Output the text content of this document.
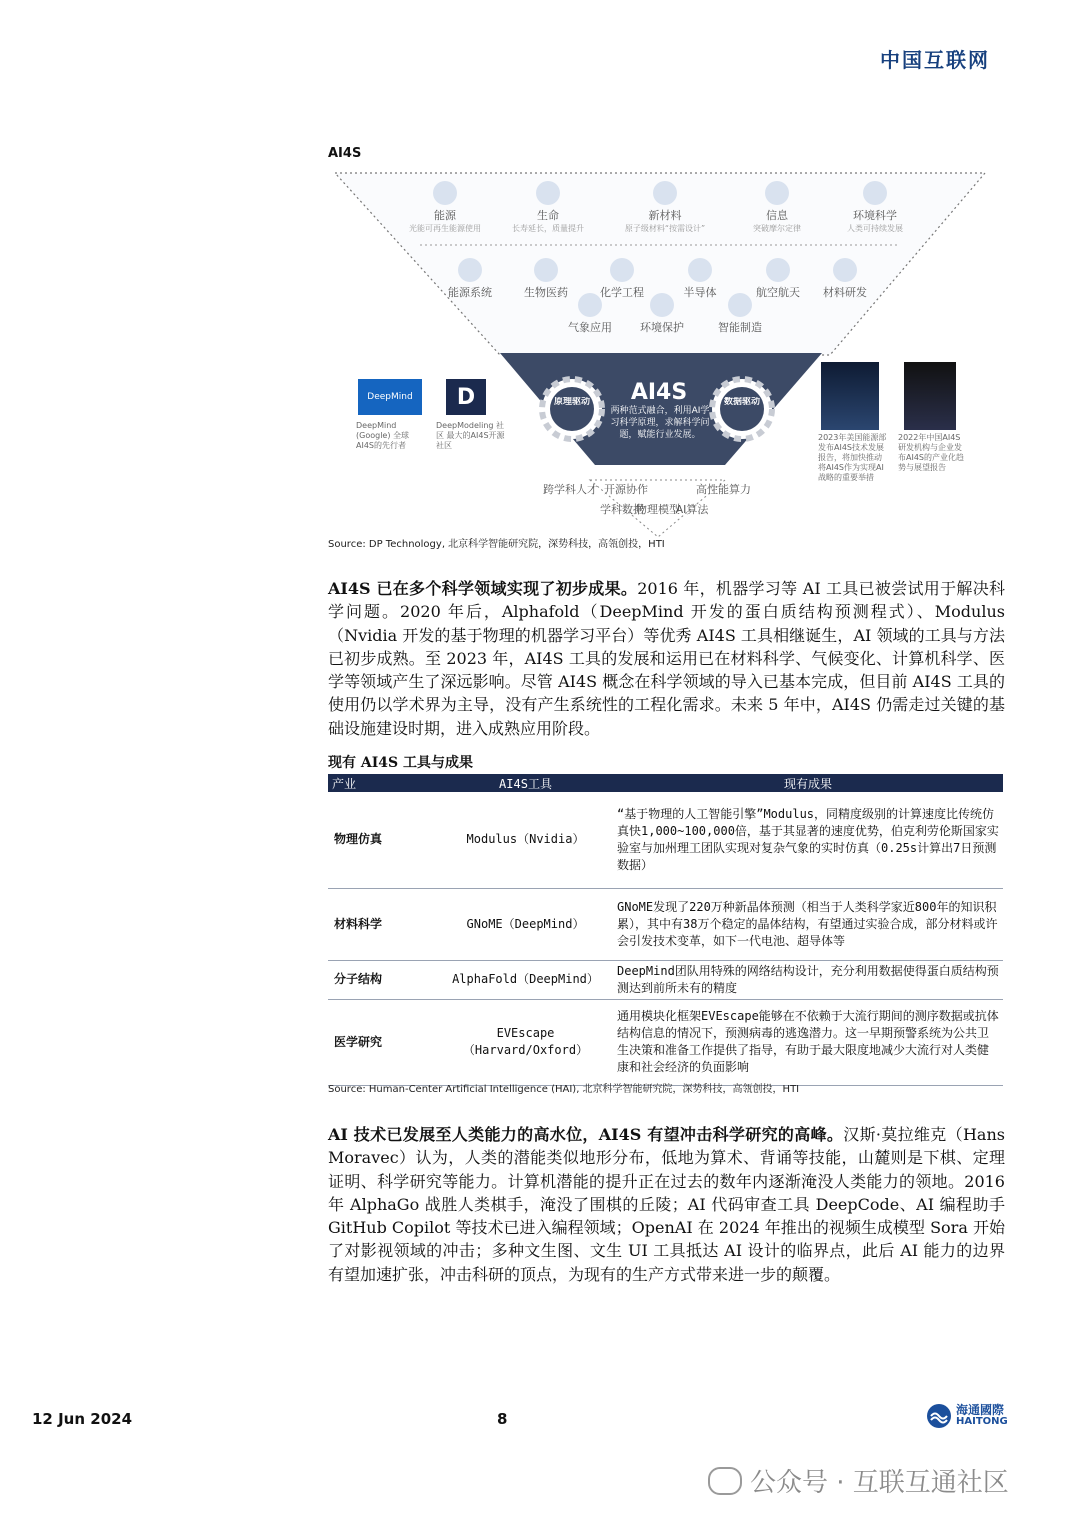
中国互联网
AI4S
能源
光能可再生能源使用
生命
长寿延长，质量提升
新材料
原子级材料“按需设计”
信息
突破摩尔定律
环境科学
人类可持续发展
能源系统	生物医药	化学工程	半导体	航空航天 材料研发
气象应用	环境保护	智能制造
AI4S
两种范式融合，利用AI学习科学原理，求解科学问题，赋能行业发展。
原理驱动	数据驱动
跨学科人才 开源协作	高性能算力
学科数据
物理模型
AI算法
DeepMind
DeepMind (Google) 全球AI4S的先行者
D
DeepModeling 社区 最大的AI4S开源社区
2023年美国能源部发布AI4S技术发展报告，将加快推动将AI4S作为实现AI战略的重要举措
2022年中国AI4S研发机构与企业发布AI4S的产业化趋势与展望报告
Source: DP Technology, 北京科学智能研究院，深势科技，高瓴创投，HTI
AI4S 已在多个科学领域实现了初步成果。2016 年，机器学习等 AI 工具已被尝试用于解决科学问题。2020 年后，Alphafold（DeepMind 开发的蛋白质结构预测程式）、Modulus（Nvidia 开发的基于物理的机器学习平台）等优秀 AI4S 工具相继诞生，AI 领域的工具与方法已初步成熟。至 2023 年，AI4S 工具的发展和运用已在材料科学、气候变化、计算机科学、医学等领域产生了深远影响。尽管 AI4S 概念在科学领域的导入已基本完成，但目前 AI4S 工具的使用仍以学术界为主导，没有产生系统性的工程化需求。未来 5 年中，AI4S 仍需走过关键的基础设施建设时期，进入成熟应用阶段。
现有 AI4S 工具与成果
产业	AI4S工具	现有成果
物理仿真	Modulus（Nvidia）	“基于物理的人工智能引擎”Modulus，同精度级别的计算速度比传统仿真快1,000~100,000倍，基于其显著的速度优势，伯克利劳伦斯国家实验室与加州理工团队实现对复杂气象的实时仿真（0.25s计算出7日预测数据）
材料科学	GNoME（DeepMind）	GNoME发现了220万种新晶体预测（相当于人类科学家近800年的知识积累），其中有38万个稳定的晶体结构，有望通过实验合成，部分材料或许会引发技术变革，如下一代电池、超导体等
分子结构	AlphaFold（DeepMind）	DeepMind团队用特殊的网络结构设计，充分利用数据使得蛋白质结构预测达到前所未有的精度
医学研究	EVEscape（Harvard/Oxford）	通用模块化框架EVEscape能够在不依赖于大流行期间的测序数据或抗体结构信息的情况下，预测病毒的逃逸潜力。这一早期预警系统为公共卫生决策和准备工作提供了指导，有助于最大限度地减少大流行对人类健康和社会经济的负面影响
Source: Human-Center Artificial Intelligence (HAI), 北京科学智能研究院，深势科技，高瓴创投，HTI
AI 技术已发展至人类能力的高水位，AI4S 有望冲击科学研究的高峰。汉斯·莫拉维克（Hans Moravec）认为，人类的潜能类似地形分布，低地为算术、背诵等技能，山麓则是下棋、定理证明、科学研究等能力。计算机潜能的提升正在过去的数年内逐渐淹没人类能力的领地。2016 年 AlphaGo 战胜人类棋手，淹没了围棋的丘陵；AI 代码审查工具 DeepCode、AI 编程助手 GitHub Copilot 等技术已进入编程领域；OpenAI 在 2024 年推出的视频生成模型 Sora 开始了对影视领域的冲击；多种文生图、文生 UI 工具抵达 AI 设计的临界点，此后 AI 能力的边界有望加速扩张，冲击科研的顶点，为现有的生产方式带来进一步的颠覆。
12 Jun 2024	8	海通國際
HAITONG
公众号 · 互联互通社区
